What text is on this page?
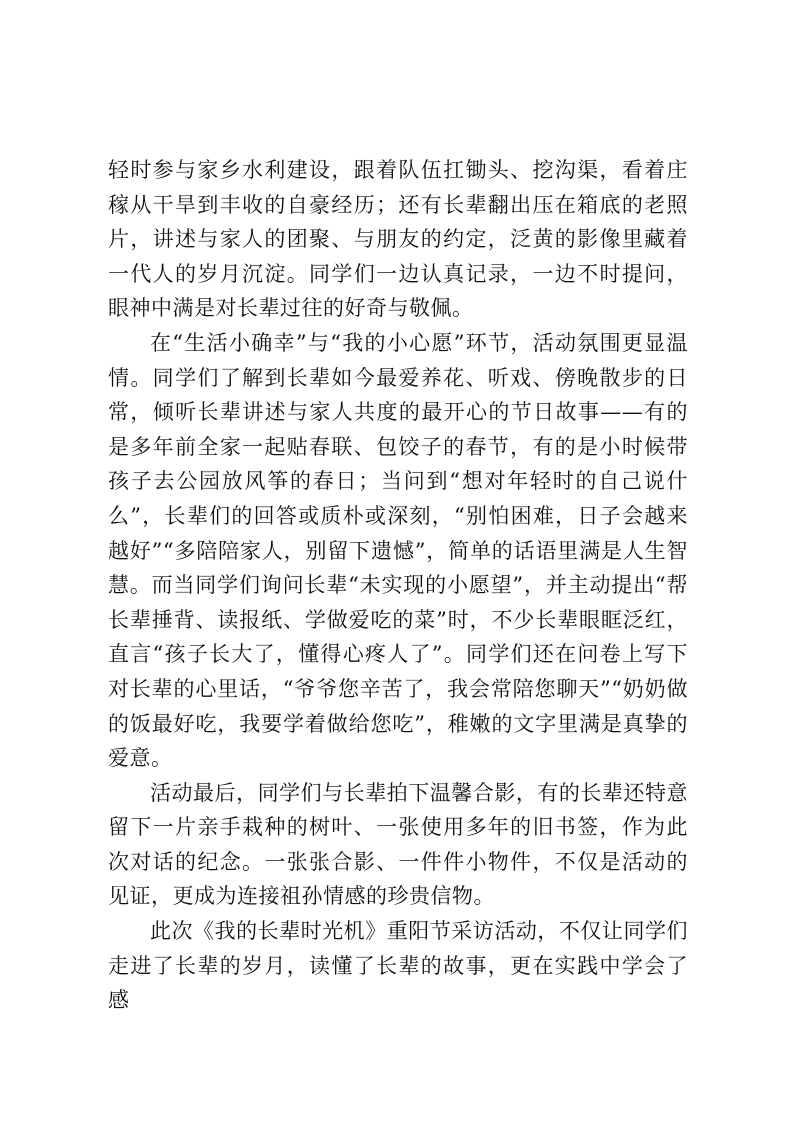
轻时参与家乡水利建设，跟着队伍扛锄头、挖沟渠，看着庄稼从干旱到丰收的自豪经历；还有长辈翻出压在箱底的老照片，讲述与家人的团聚、与朋友的约定，泛黄的影像里藏着一代人的岁月沉淀。同学们一边认真记录，一边不时提问，眼神中满是对长辈过往的好奇与敬佩。

在“生活小确幸”与“我的小心愿”环节，活动氛围更显温情。同学们了解到长辈如今最爱养花、听戏、傍晚散步的日常，倾听长辈讲述与家人共度的最开心的节日故事——有的是多年前全家一起贴春联、包饺子的春节，有的是小时候带孩子去公园放风筝的春日；当问到“想对年轻时的自己说什么”，长辈们的回答或质朴或深刻，“别怕困难，日子会越来越好”“多陪陪家人，别留下遗憾”，简单的话语里满是人生智慧。而当同学们询问长辈“未实现的小愿望”，并主动提出“帮长辈捶背、读报纸、学做爱吃的菜”时，不少长辈眼眶泛红，直言“孩子长大了，懂得心疼人了”。同学们还在问卷上写下对长辈的心里话，“爷爷您辛苦了，我会常陪您聊天”“奶奶做的饭最好吃，我要学着做给您吃”，稚嫩的文字里满是真挚的爱意。

活动最后，同学们与长辈拍下温馨合影，有的长辈还特意留下一片亲手栽种的树叶、一张使用多年的旧书签，作为此次对话的纪念。一张张合影、一件件小物件，不仅是活动的见证，更成为连接祖孙情感的珍贵信物。

此次《我的长辈时光机》重阳节采访活动，不仅让同学们走进了长辈的岁月，读懂了长辈的故事，更在实践中学会了感
